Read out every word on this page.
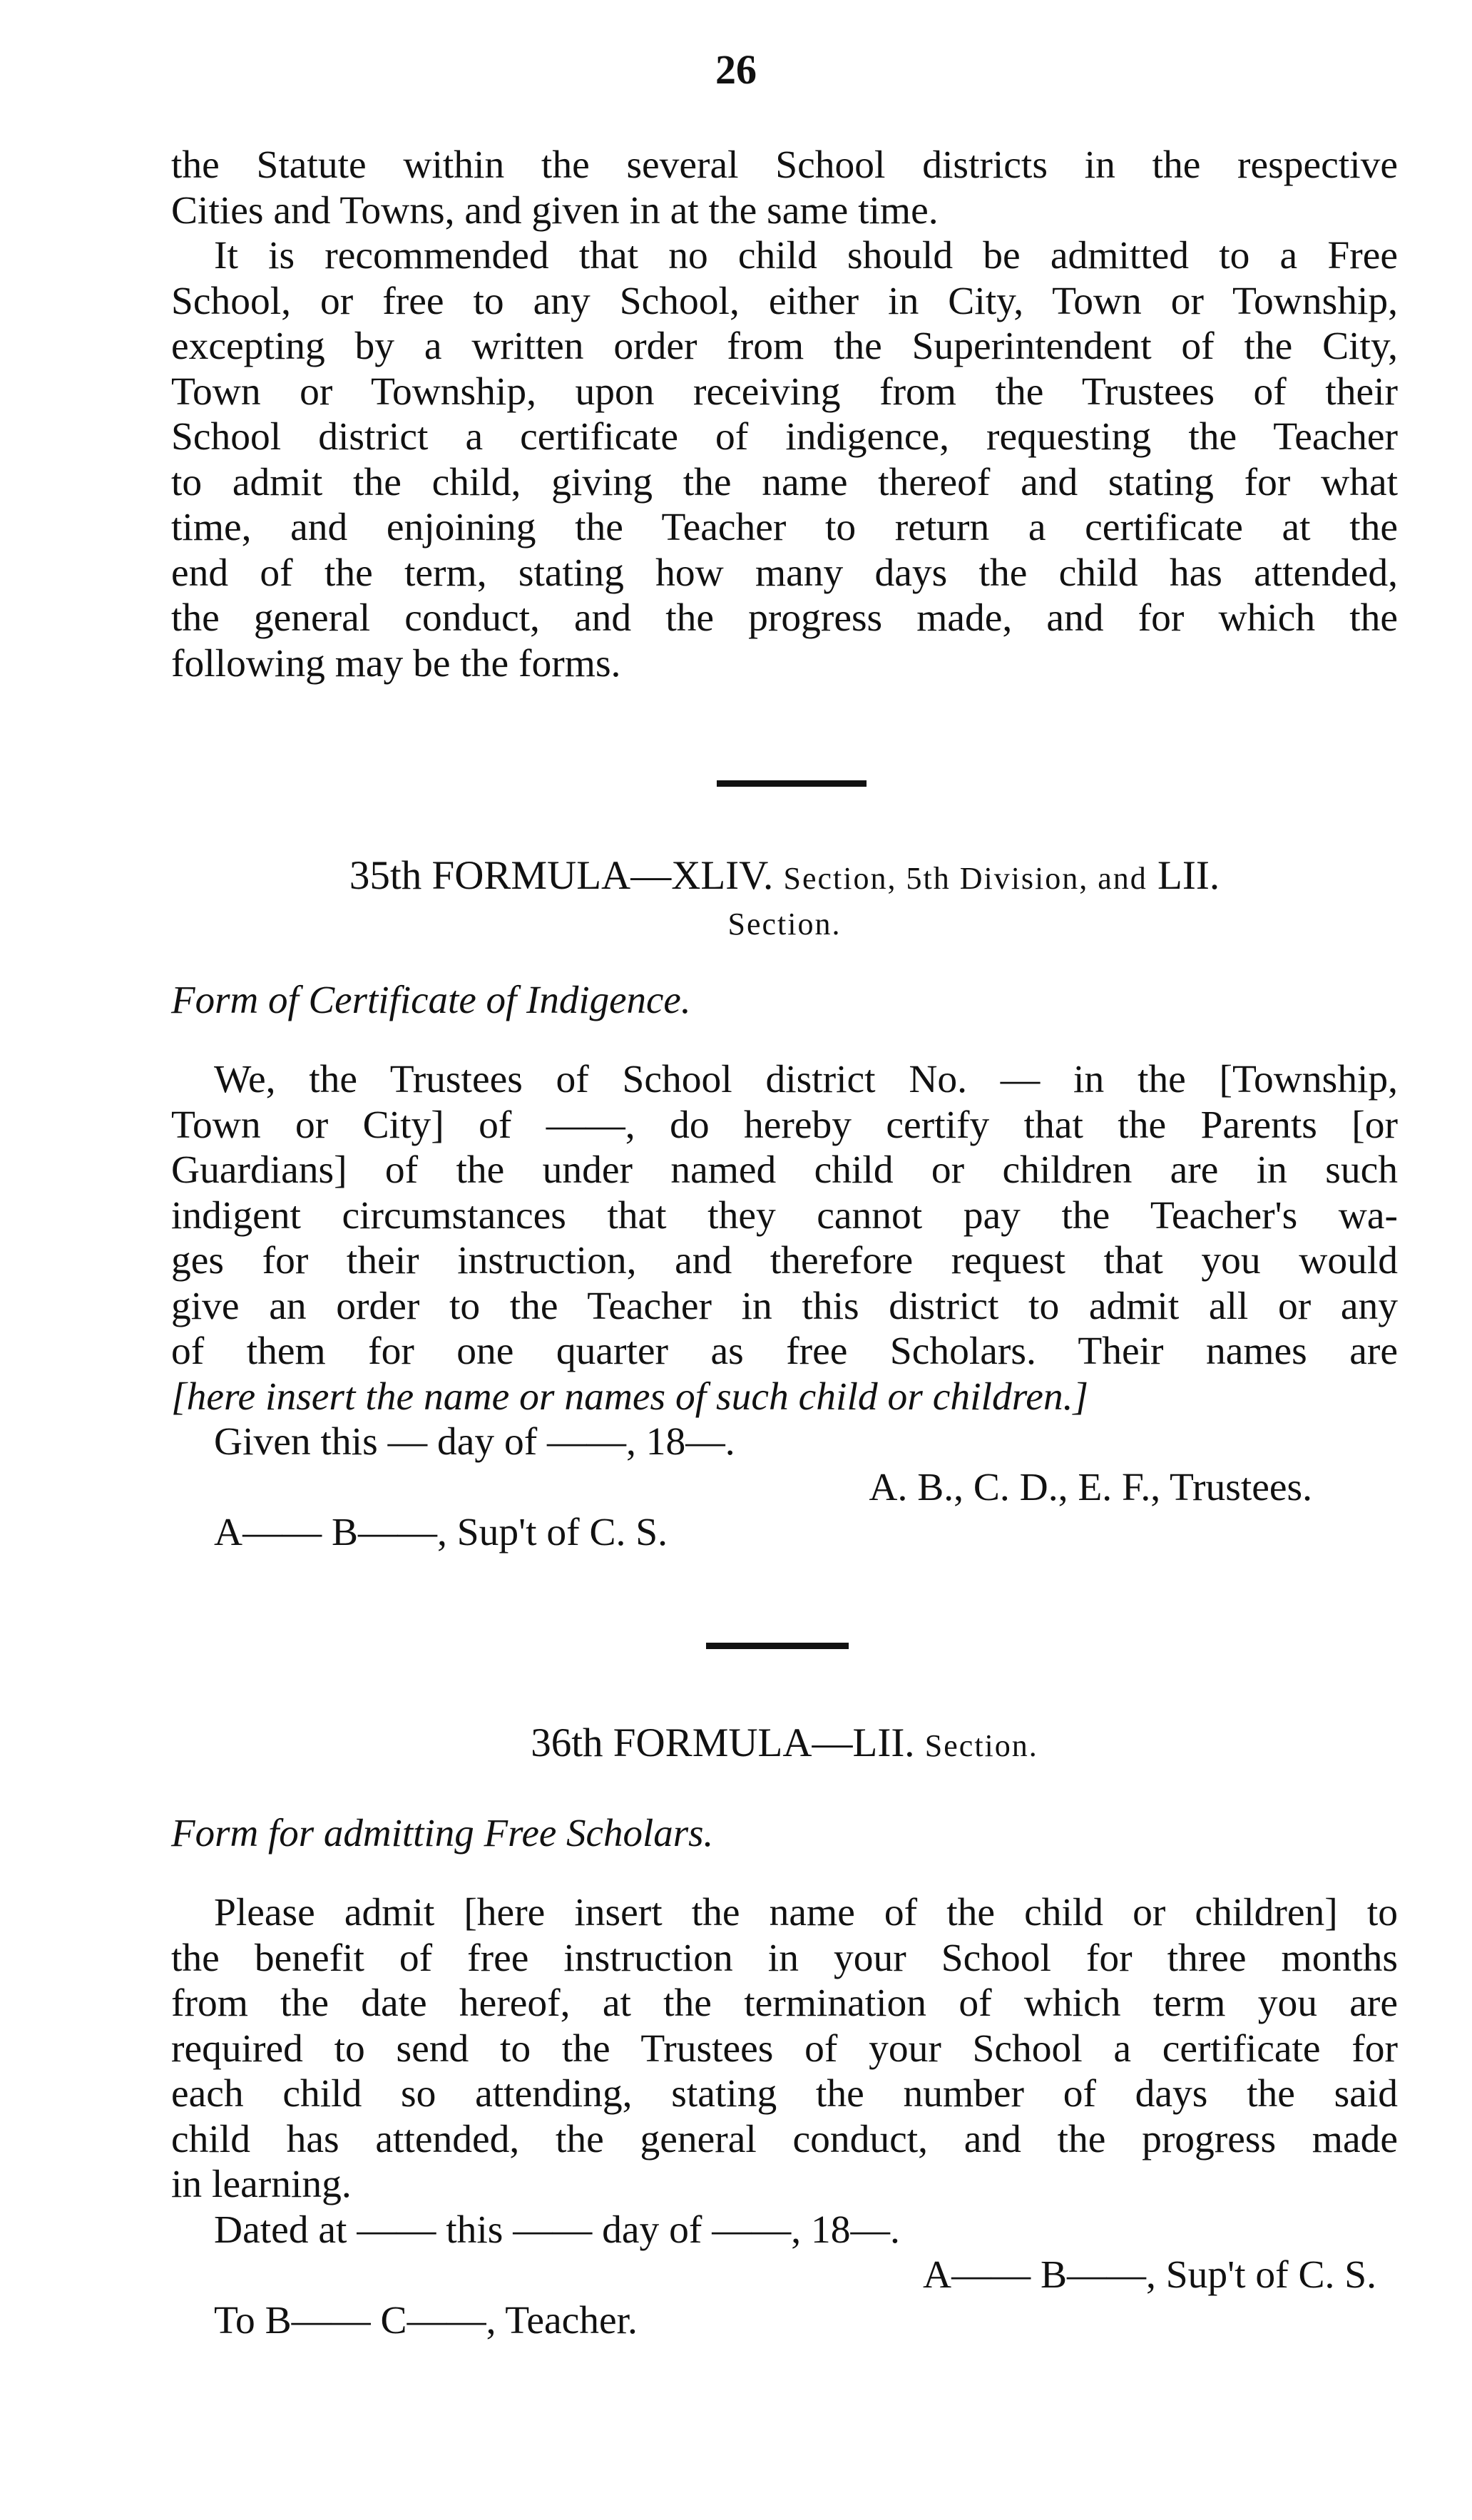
26
the Statute within the several School districts in the respective
Cities and Towns, and given in at the same time.
It is recommended that no child should be admitted to a Free
School, or free to any School, either in City, Town or Township,
excepting by a written order from the Superintendent of the City,
Town or Township, upon receiving from the Trustees of their
School district a certificate of indigence, requesting the Teacher
to admit the child, giving the name thereof and stating for what
time, and enjoining the Teacher to return a certificate at the
end of the term, stating how many days the child has attended,
the general conduct, and the progress made, and for which the
following may be the forms.
35th FORMULA—XLIV. Section, 5th Division, and LII.
Section.
Form of Certificate of Indigence.
We, the Trustees of School district No. — in the [Township,
Town or City] of ——, do hereby certify that the Parents [or
Guardians] of the under named child or children are in such
indigent circumstances that they cannot pay the Teacher's wa-
ges for their instruction, and therefore request that you would
give an order to the Teacher in this district to admit all or any
of them for one quarter as free Scholars. Their names are
[here insert the name or names of such child or children.]
Given this — day of ——, 18—.
A. B., C. D., E. F., Trustees.
A—— B——, Sup't of C. S.
36th FORMULA—LII. Section.
Form for admitting Free Scholars.
Please admit [here insert the name of the child or children] to
the benefit of free instruction in your School for three months
from the date hereof, at the termination of which term you are
required to send to the Trustees of your School a certificate for
each child so attending, stating the number of days the said
child has attended, the general conduct, and the progress made
in learning.
Dated at —— this —— day of ——, 18—.
A—— B——, Sup't of C. S.
To B—— C——, Teacher.
